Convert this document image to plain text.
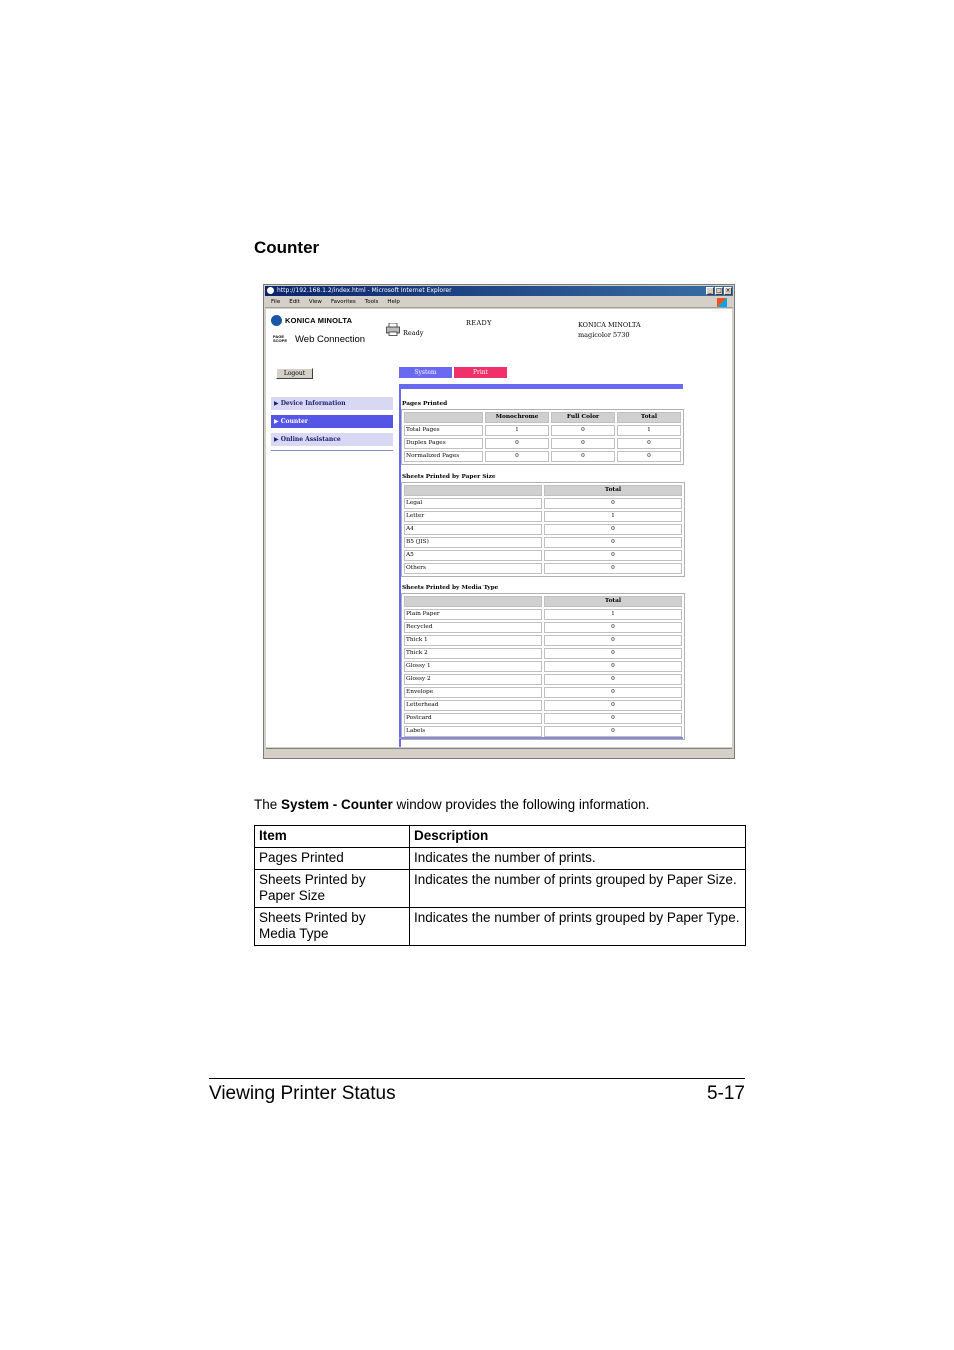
Counter
http://192.168.1.2/index.html - Microsoft Internet Explorer	_ □ ×
File Edit View Favorites Tools Help
KONICA MINOLTA
PAGE SCOPE Web Connection
Ready
READY	KONICA MINOLTA
magicolor 5730
Logout	System	Print
▶ Device Information
▶ Counter
▶ Online Assistance
Pages Printed
	Monochrome	Full Color	Total
Total Pages	1	0	1
Duplex Pages	0	0	0
Normalized Pages	0	0	0
Sheets Printed by Paper Size
	Total
Legal	0
Letter	1
A4	0
B5 (JIS)	0
A5	0
Others	0
Sheets Printed by Media Type
	Total
Plain Paper	1
Recycled	0
Thick 1	0
Thick 2	0
Glossy 1	0
Glossy 2	0
Envelope	0
Letterhead	0
Postcard	0
Labels	0
The System - Counter window provides the following information.
Item	Description
Pages Printed	Indicates the number of prints.
Sheets Printed by Paper Size	Indicates the number of prints grouped by Paper Size.
Sheets Printed by Media Type	Indicates the number of prints grouped by Paper Type.
Viewing Printer Status	5-17
